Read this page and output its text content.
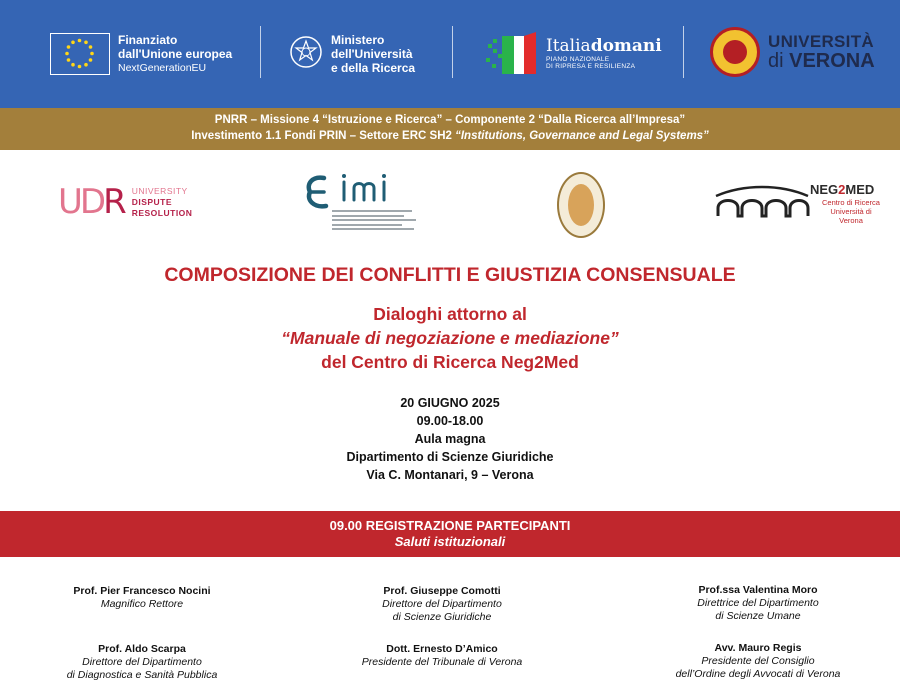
Finanziato
dall'Unione europea
NextGenerationEU
Ministero
dell'Università
e della Ricerca
Italiadomani
PIANO NAZIONALE
DI RIPRESA E RESILIENZA
UNIVERSITÀ
di VERONA
PNRR – Missione 4 “Istruzione e Ricerca” – Componente 2 “Dalla Ricerca all’Impresa”
Investimento 1.1 Fondi PRIN – Settore ERC SH2 “Institutions, Governance and Legal Systems”
UDR UNIVERSITY
DISPUTE
RESOLUTION
NEG2MED
Centro di Ricerca
Università di Verona
COMPOSIZIONE DEI CONFLITTI E GIUSTIZIA CONSENSUALE
Dialoghi attorno al
“Manuale di negoziazione e mediazione”
del Centro di Ricerca Neg2Med
20 GIUGNO 2025
09.00-18.00
Aula magna
Dipartimento di Scienze Giuridiche
Via C. Montanari, 9 – Verona
09.00 REGISTRAZIONE PARTECIPANTI
Saluti istituzionali
Prof. Pier Francesco Nocini
Magnifico Rettore
Prof. Giuseppe Comotti
Direttore del Dipartimento
di Scienze Giuridiche
Prof.ssa Valentina Moro
Direttrice del Dipartimento
di Scienze Umane
Prof. Aldo Scarpa
Direttore del Dipartimento
di Diagnostica e Sanità Pubblica
Dott. Ernesto D’Amico
Presidente del Tribunale di Verona
Avv. Mauro Regis
Presidente del Consiglio
dell’Ordine degli Avvocati di Verona
